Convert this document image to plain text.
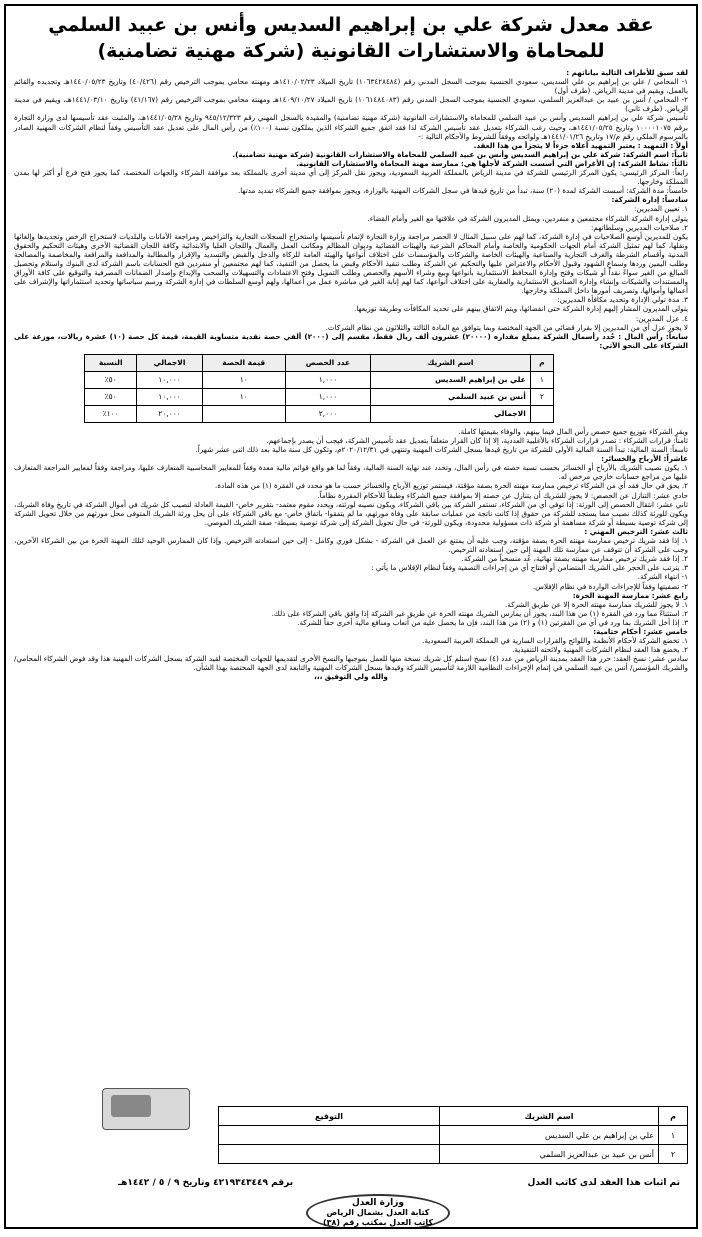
عقد معدل شركة علي بن إبراهيم السديس وأنس بن عبيد السلمي
للمحاماة والاستشارات القانونية (شركة مهنية تضامنية)

لقد سبق للأطراف التالية بياناتهم :

١- المحامي / علي بن إبراهيم بن علي السديس، سعودي الجنسية بموجب السجل المدني رقم (١٠٦٣٤٢٨٤٨٤) تاريخ الميلاد ١٤١٠/٠٢/٢٣هـ ومهنته محامي بموجب الترخيص رقم (٤٠/٤٢٦) وتاريخ ١٤٤٠/٠٥/٢٣هـ وتجديده والقائم بالعمل، ويقيم في مدينة الرياض. (طرف أول)

٢- المحامي / أنس بن عبيد بن عبدالعزيز السلمي، سعودي الجنسية بموجب السجل المدني رقم (١٠٦١٤٨٤٠٨٣) تاريخ الميلاد ١٤٠٩/١٠/٢٧هـ ومهنته محامي بموجب الترخيص رقم (٤١/١٦٧) وتاريخ ١٤٤١/٠٣/١٠هـ، ويقيم في مدينة الرياض. (طرف ثاني)

تأسيس شركة علي بن إبراهيم السديس وأنس بن عبيد السلمي للمحاماة والاستشارات القانونية (شركة مهنية تضامنية) والمقيدة بالسجل المهني رقم ٩٤٥/١٢/٣٢٣ وتاريخ ١٤٤١/٠٥/٢٨هـ، والمثبت عقد تأسيسها لدى وزارة التجارة برقم ١٠٠٠٠١٠٧٥ وتاريخ ١٤٤١/٠٥/٢٥هـ، وحيث رغب الشركاء بتعديل عقد تأسيس الشركة لذا فقد اتفق جميع الشركاء الذين يملكون نسبة (١٠٠٪) من رأس المال على تعديل عقد التأسيس وفقاً لنظام الشركات المهنية الصادر بالمرسوم الملكي رقم م/١٧ وتاريخ ١٤٤١/٠١/٢٦هـ ولوائحه ووفقاً للشروط والأحكام التالية :-

أولاً : التمهيد : يعتبر التمهيد أعلاه جزءاً لا يتجزأ من هذا العقد.

ثانياً: اسم الشركة: شركة علي بن إبراهيم السديس وأنس بن عبيد السلمي للمحاماة والاستشارات القانونية (شركة مهنية تضامنية).

ثالثاً: نشاط الشركة: إن الأغراض التي أسست الشركة لأجلها هي: ممارسة مهنة المحاماة والاستشارات القانونية.

رابعاً: المركز الرئيسي: يكون المركز الرئيسي للشركة في مدينة الرياض بالمملكة العربية السعودية، ويجوز نقل المركز إلى أي مدينة أخرى بالمملكة بعد موافقة الشركاء والجهات المختصة، كما يجوز فتح فرع أو أكثر لها بمدن المملكة وخارجها.

خامساً: مدة الشركة: أسست الشركة لمدة (٢٠) سنة، تبدأ من تاريخ قيدها في سجل الشركات المهنية بالوزارة، ويجوز بموافقة جميع الشركاء تمديد مدتها.

سادساً: إدارة الشركة:

١. تعيين المديرين:

يتولى إدارة الشركة الشركاء مجتمعين و منفردين، ويمثل المديرون الشركة في علاقتها مع الغير وأمام القضاء.

٢. صلاحيات المديرين وسلطاتهم:

يكون للمديرين أوسع الصلاحيات في إدارة الشركة، كما لهم على سبيل المثال لا الحصر مراجعة وزارة التجارة لإتمام تأسيسها واستخراج السجلات التجارية والتراخيص ومراجعة الأمانات والبلديات لاستخراج الرخص وتجديدها وإلغائها ونقلها، كما لهم تمثيل الشركة أمام الجهات الحكومية والخاصة وأمام المحاكم الشرعية والهيئات القضائية وديوان المظالم ومكاتب العمل والعمال واللجان العليا والابتدائية وكافة اللجان القضائية الأخرى وهيئات التحكيم والحقوق المدنية وأقسام الشرطة والغرف التجارية والصناعية والهيئات الخاصة والشركات والمؤسسات على اختلاف أنواعها والهيئة العامة للزكاة والدخل والقبض والتسديد والإقرار والمطالبة والمدافعة والمرافعة والمخاصمة والمصالحة وطلب اليمين وردها وسماع الشهود وقبول الأحكام والاعتراض عليها والتحكيم عن الشركة وطلب تنفيذ الأحكام وقبض ما يحصل من التنفيذ، كما لهم مجتمعين أو منفردين فتح الحسابات باسم الشركة لدى البنوك واستلام وتحصيل المبالغ من الغير سواءً نقداً أو شيكات وفتح وإدارة المحافظ الاستثمارية بأنواعها وبيع وشراء الأسهم والحصص وطلب التمويل وفتح الاعتمادات والتسهيلات والسحب والإيداع وإصدار الضمانات المصرفية والتوقيع على كافة الأوراق والمستندات والشيكات وإنشاء وإدارة الصناديق الاستثمارية والعقارية على اختلاف أنواعها، كما لهم إنابة الغير في مباشرة عمل من أعمالها، ولهم أوسع السلطات في إدارة الشركة ورسم سياساتها وتحديد استثماراتها والإشراف على أعمالها وأموالها، وتصريف أمورها داخل المملكة وخارجها.

٣. مدة تولي الإدارة وتحديد مكافأة المديرين:

يتولى المديرون المشار إليهم إدارة الشركة حتى انقضائها، ويتم الاتفاق بينهم على تحديد المكافآت وطريقة توزيعها.

٤. عزل المديرين:

لا يجوز عزل أي من المديرين إلا بقرار قضائي من الجهة المختصة وبما يتوافق مع المادة الثالثة والثلاثون من نظام الشركات.

سابعاً: رأس المال : حُدد رأسمال الشركة بمبلغ مقداره (٢٠٠٠٠) عشرون ألف ريال فقط، مقسم إلى (٢٠٠٠) ألفي حصة نقدية متساوية القيمة، قيمة كل حصة (١٠) عشرة ريالات، موزعة على الشركاء على النحو الآتي:

م	اسم الشريك	عدد الحصص	قيمة الحصة	الاجمالي	النسبة
١	علي بن إبراهيم السديس	١,٠٠٠	١٠	١٠,٠٠٠	٥٠٪
٢	أنس بن عبيد السلمي	١,٠٠٠	١٠	١٠,٠٠٠	٥٠٪
	الاجمالي	٢,٠٠٠		٢٠,٠٠٠	١٠٠٪

ويقر الشركاء بتوزيع جميع حصص رأس المال فيما بينهم، والوفاء بقيمتها كاملة.

ثامناً: قرارات الشركاء : تصدر قرارات الشركاء بالأغلبية العددية، إلا إذا كان القرار متعلقاً بتعديل عقد تأسيس الشركة، فيجب أن يصدر بإجماعهم.

تاسعاً: السنة المالية: تبدأ السنة المالية الأولى للشركة من تاريخ قيدها بسجل الشركات المهنية وتنتهي في ٢٠٢٠/١٢/٣١م، وتكون كل سنة مالية بعد ذلك اثنى عشر شهراً.

عاشراً: الأرباح والخسائر:

١. يكون نصيب الشريك بالأرباح أو الخسائر بحسب نسبة حصته في رأس المال، وتحدد عند نهاية السنة المالية، وفقاً لما هو واقع قوائم مالية معدة وفقاً للمعايير المحاسبية المتعارف عليها، ومراجعة وفقاً لمعايير المراجعة المتعارف عليها من مراجع حسابات خارجي مرخص له.

٢. يحق في حال فقد أي من الشركاء ترخيص ممارسة مهنته الحرة بصفة مؤقتة، فيستمر توزيع الأرباح والخسائر حسب ما هو محدد في الفقرة (١) من هذه المادة.

حادي عشر: التنازل عن الحصص: لا يجوز للشريك أن يتنازل عن حصته إلا بموافقة جميع الشركاء وطبقاً للأحكام المقررة نظاماً.

ثاني عشر: انتقال الحصص إلى الورثة: إذا توفي أي من الشركاء، تستمر الشركة بين باقي الشركاء، ويكون نصيبه لورثته، ويحدد مقوم معتمد- بتقرير خاص- القيمة العادلة لنصيب كل شريك في أموال الشركة في تاريخ وفاة الشريك، ويكون للورثة كذلك نصيب مما يستجد للشركة من حقوق إذا كانت ناتجة من عمليات سابقة على وفاة مورثهم، ما لم يتفقوا- باتفاق خاص- مع باقي الشركاء على أن يحل ورثة الشريك المتوفى محل مورثهم من خلال تحويل الشركة إلى شركة توصية بسيطة أو شركة مساهمة أو شركة ذات مسؤولية محدودة، ويكون للورثة- في حال تحويل الشركة إلى شركة توصية بسيطة- صفة الشريك الموصي.

ثالث عشر: الترخيص المهني :

١. إذا فقد شريك ترخيص ممارسة مهنته الحرة بصفة مؤقتة، وجب عليه أن يمتنع عن العمل في الشركة - بشكل فوري وكامل - إلى حين استعادته الترخيص. وإذا كان الممارس الوحيد لتلك المهنة الحرة من بين الشركاء الآخرين، وجب على الشركة أن تتوقف عن ممارسة تلك المهنة إلى حين استعادته الترخيص.

٢. إذا فقد شريك ترخيص ممارسة مهنته بصفة نهائية، عُد منسحباً من الشركة.

٣. يترتب على الحجر على الشريك المتضامن أو افتتاح أي من إجراءات التصفية وفقاً لنظام الإفلاس ما يأتي :

١- انتهاء الشركة.

٢- تصفيتها وفقاً للإجراءات الواردة في نظام الإفلاس.

رابع عشر: ممارسة المهنة الحرة:

١. لا يجوز للشريك ممارسة مهنته الحرة إلا عن طريق الشركة.

٢. استثناءً مما ورد في الفقرة (١) من هذا البند، يجوز أن يمارس الشريك مهنته الحرة عن طريق غير الشركة إذا وافق باقي الشركاء على ذلك.

٣. إذا أخل الشريك بما ورد في أي من الفقرتين (١) و (٢) من هذا البند، فإن ما يحصل عليه من أتعاب ومنافع مالية أخرى حقاً للشركة.

خامس عشر: أحكام ختامية:

١. تخضع الشركة لأحكام الأنظمة واللوائح والقرارات السارية في المملكة العربية السعودية.

٢. يخضع هذا العقد لنظام الشركات المهنية ولائحته التنفيذية.

سادس عشر: نسخ العقد: حرر هذا العقد بمدينة الرياض من عدد (٤) نسخ استلم كل شريك نسخة منها للعمل بموجبها والنسخ الأخرى لتقديمها للجهات المختصة لقيد الشركة بسجل الشركات المهنية هذا وقد فوض الشركاء المحامي/ والشريك المؤسس/ أنس بن عبيد السلمي في إتمام الإجراءات النظامية اللازمة لتأسيس الشركة وقيدها بسجل الشركات المهنية والتابعة لدى الجهة المختصة بهذا الشأن.

والله ولي التوفيق ،،،

م	اسم الشريك	التوقيع
١	علي بن إبراهيم بن علي السديس	
٢	أنس بن عبيد بن عبدالعزيز السلمي	
تم اثبات هذا العقد لدى كاتب العدل
برقم ٤٢١٩٣٤٣٤٤٩ وتاريخ ٩ / ٥ / ١٤٤٢هـ
وزارة العدل
كتابة العدل بشمال الرياض
كاتب العدل بمكتب رقم (٣٨)
